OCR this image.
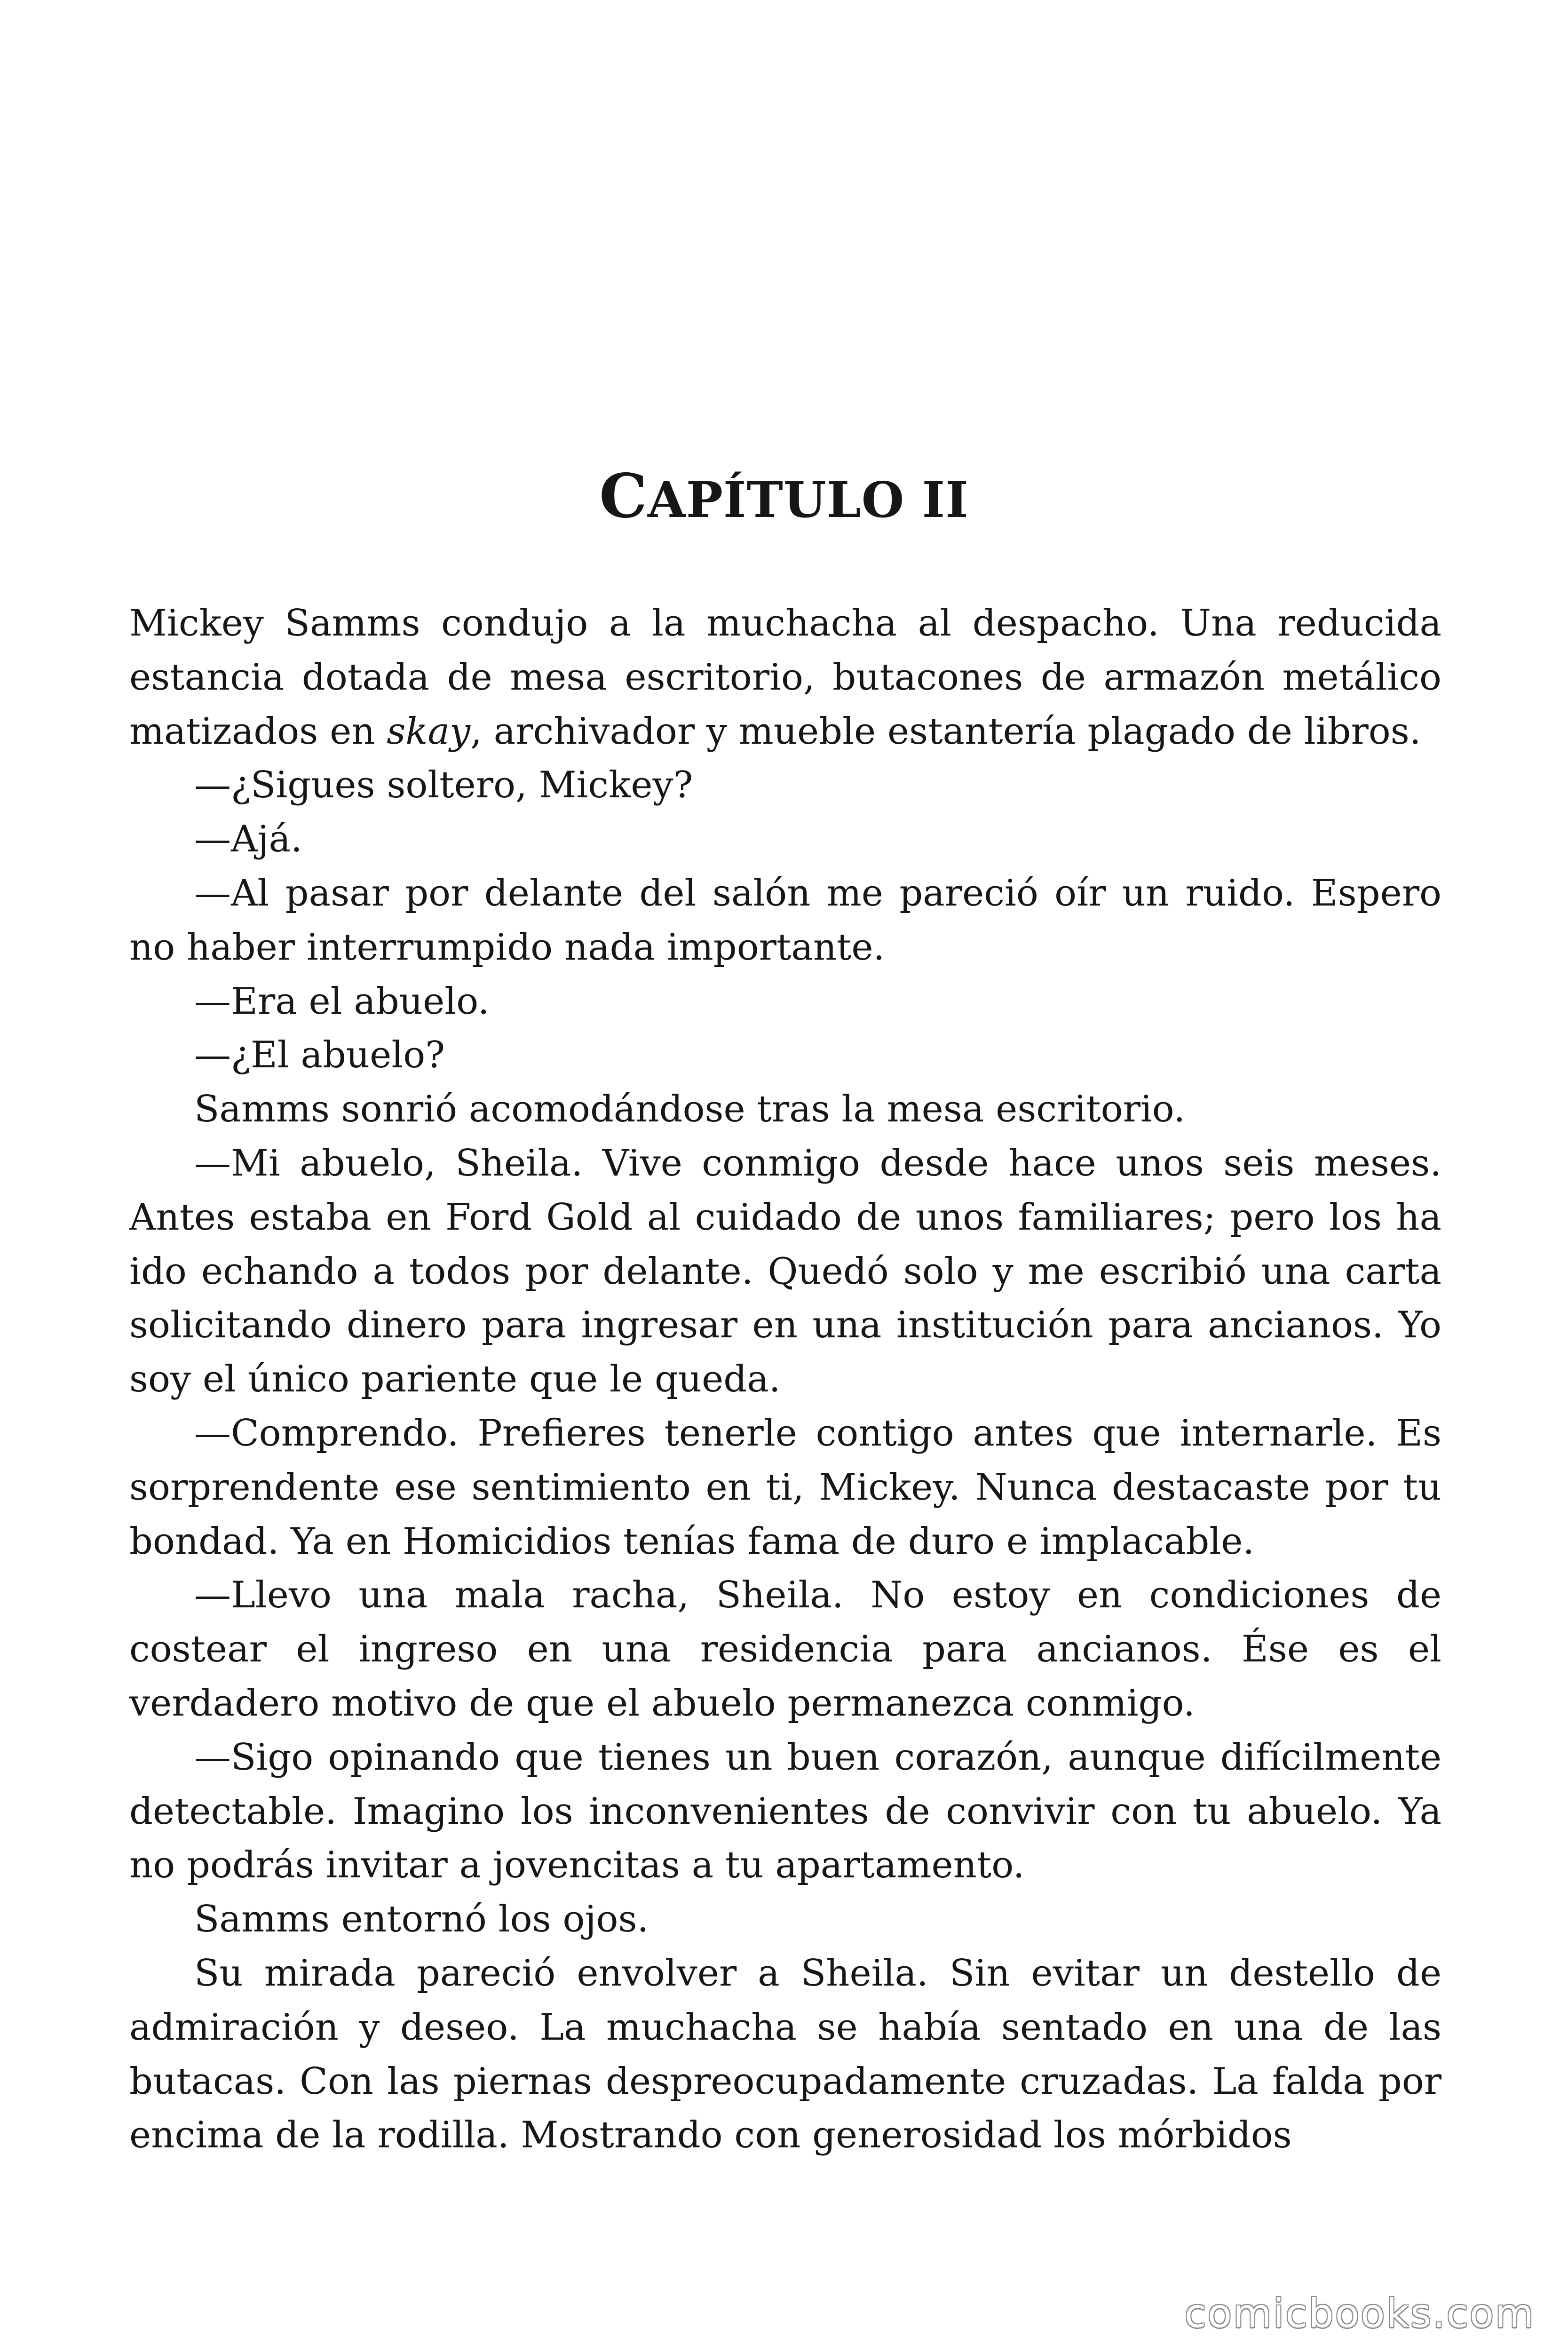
CAPÍTULO II

Mickey Samms condujo a la muchacha al despacho. Una reducida estancia dotada de mesa escritorio, butacones de armazón metálico matizados en skay, archivador y mueble estantería plagado de libros.

—¿Sigues soltero, Mickey?

—Ajá.

—Al pasar por delante del salón me pareció oír un ruido. Espero no haber interrumpido nada importante.

—Era el abuelo.

—¿El abuelo?

Samms sonrió acomodándose tras la mesa escritorio.

—Mi abuelo, Sheila. Vive conmigo desde hace unos seis meses. Antes estaba en Ford Gold al cuidado de unos familiares; pero los ha ido echando a todos por delante. Quedó solo y me escribió una carta solicitando dinero para ingresar en una institución para ancianos. Yo soy el único pariente que le queda.

—Comprendo. Prefieres tenerle contigo antes que internarle. Es sorprendente ese sentimiento en ti, Mickey. Nunca destacaste por tu bondad. Ya en Homicidios tenías fama de duro e implacable.

—Llevo una mala racha, Sheila. No estoy en condiciones de costear el ingreso en una residencia para ancianos. Ése es el verdadero motivo de que el abuelo permanezca conmigo.

—Sigo opinando que tienes un buen corazón, aunque difícilmente detectable. Imagino los inconvenientes de convivir con tu abuelo. Ya no podrás invitar a jovencitas a tu apartamento.

Samms entornó los ojos.

Su mirada pareció envolver a Sheila. Sin evitar un destello de admiración y deseo. La muchacha se había sentado en una de las butacas. Con las piernas despreocupadamente cruzadas. La falda por encima de la rodilla. Mostrando con generosidad los mórbidos

comicbooks.com
